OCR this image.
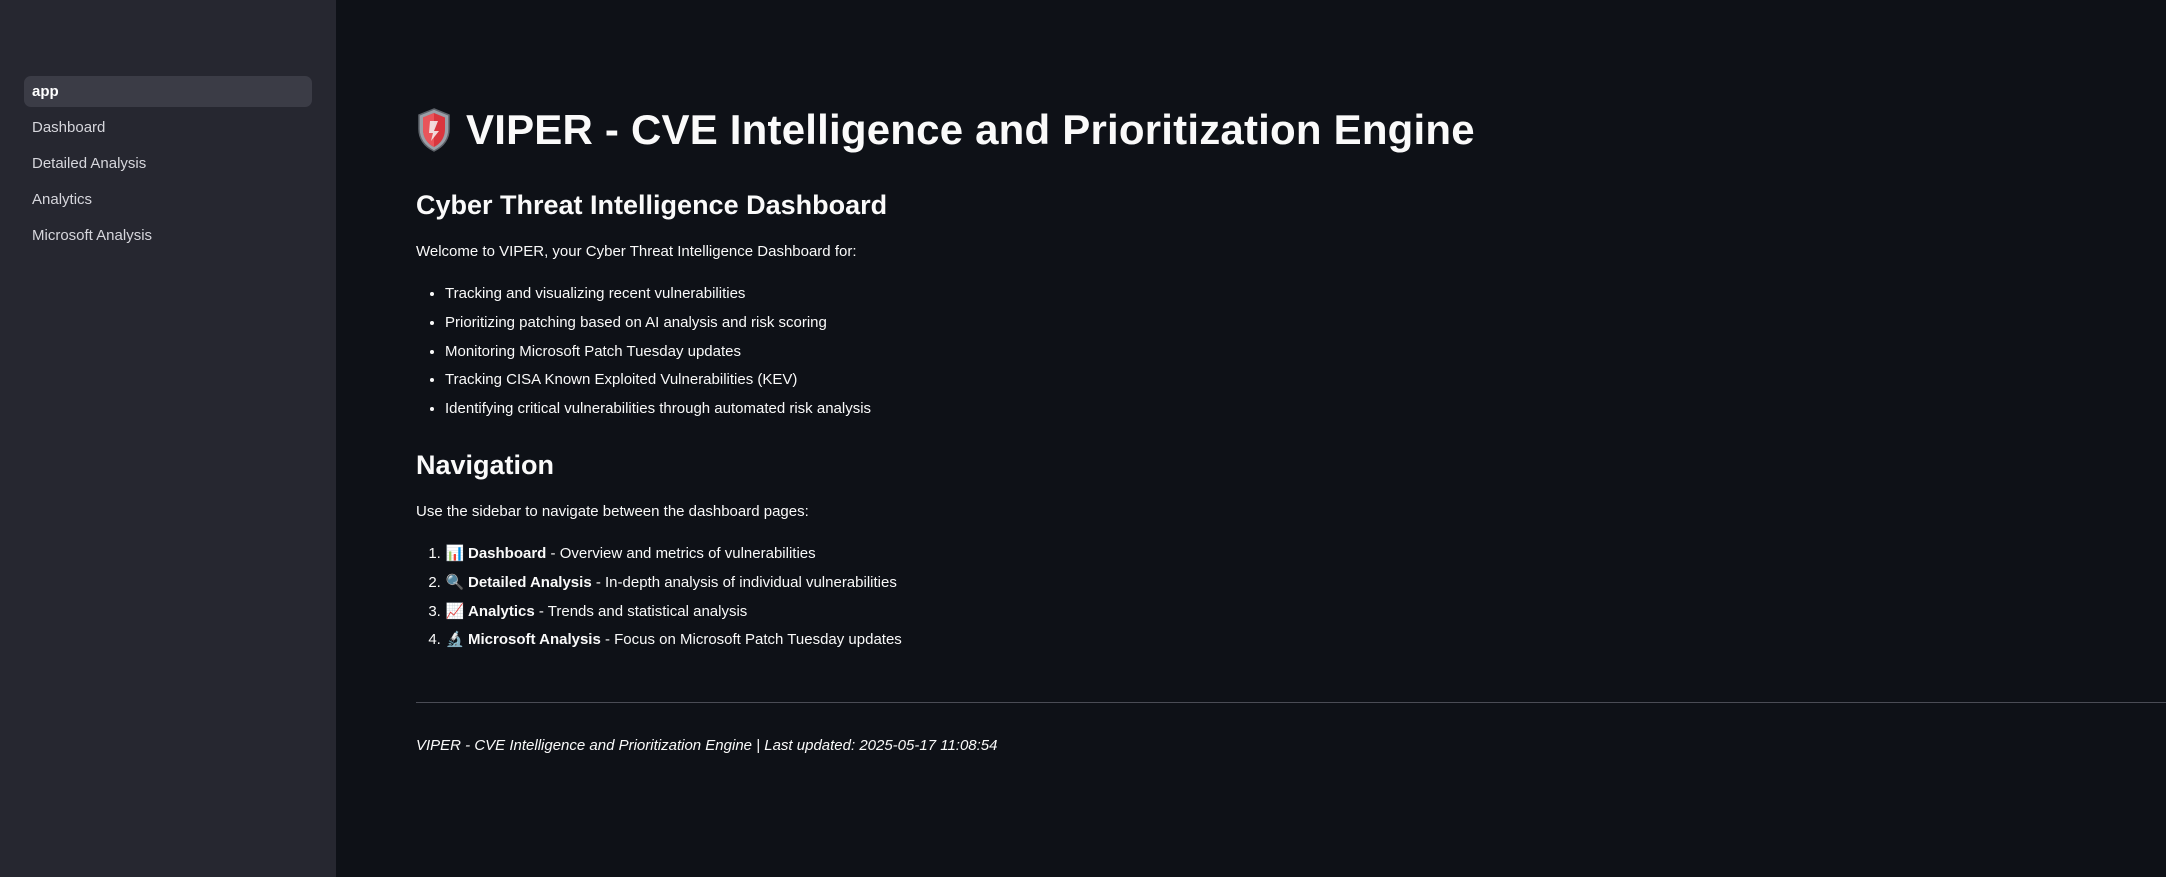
app
Dashboard
Detailed Analysis
Analytics
Microsoft Analysis
VIPER - CVE Intelligence and Prioritization Engine
Cyber Threat Intelligence Dashboard

Welcome to VIPER, your Cyber Threat Intelligence Dashboard for:

• Tracking and visualizing recent vulnerabilities
• Prioritizing patching based on AI analysis and risk scoring
• Monitoring Microsoft Patch Tuesday updates
• Tracking CISA Known Exploited Vulnerabilities (KEV)
• Identifying critical vulnerabilities through automated risk analysis
Navigation

Use the sidebar to navigate between the dashboard pages:

1. 📊 Dashboard - Overview and metrics of vulnerabilities
2. 🔍 Detailed Analysis - In-depth analysis of individual vulnerabilities
3. 📈 Analytics - Trends and statistical analysis
4. 🔬 Microsoft Analysis - Focus on Microsoft Patch Tuesday updates
VIPER - CVE Intelligence and Prioritization Engine | Last updated: 2025-05-17 11:08:54
